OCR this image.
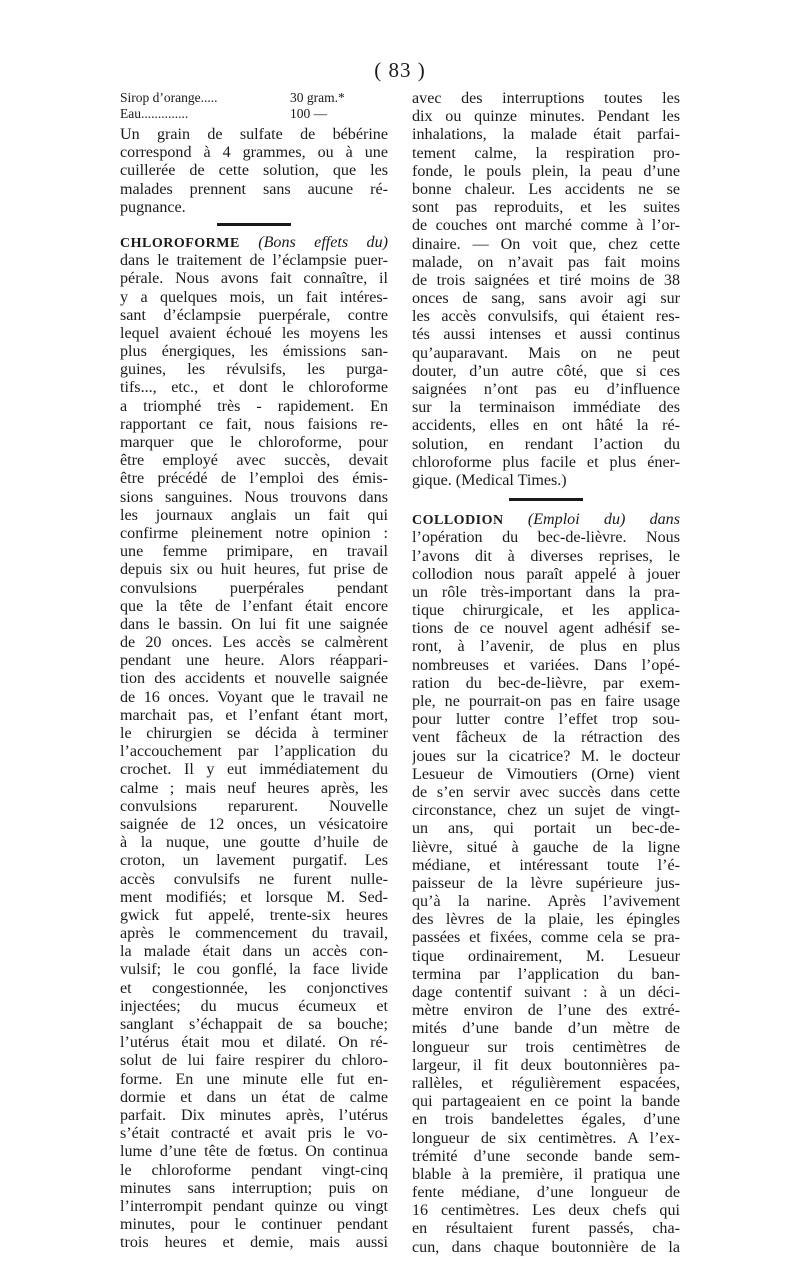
( 83 )
Sirop d’orange.....	30 gram.*
Eau..............	100 —
Un grain de sulfate de bébérine
correspond à 4 grammes, ou à une
cuillerée de cette solution, que les
malades prennent sans aucune ré-
pugnance.
CHLOROFORME (Bons effets du)
dans le traitement de l’éclampsie puer-
pérale. Nous avons fait connaître, il
y a quelques mois, un fait intéres-
sant d’éclampsie puerpérale, contre
lequel avaient échoué les moyens les
plus énergiques, les émissions san-
guines, les révulsifs, les purga-
tifs..., etc., et dont le chloroforme
a triomphé très - rapidement. En
rapportant ce fait, nous faisions re-
marquer que le chloroforme, pour
être employé avec succès, devait
être précédé de l’emploi des émis-
sions sanguines. Nous trouvons dans
les journaux anglais un fait qui
confirme pleinement notre opinion :
une femme primipare, en travail
depuis six ou huit heures, fut prise de
convulsions puerpérales pendant
que la tête de l’enfant était encore
dans le bassin. On lui fit une saignée
de 20 onces. Les accès se calmèrent
pendant une heure. Alors réappari-
tion des accidents et nouvelle saignée
de 16 onces. Voyant que le travail ne
marchait pas, et l’enfant étant mort,
le chirurgien se décida à terminer
l’accouchement par l’application du
crochet. Il y eut immédiatement du
calme ; mais neuf heures après, les
convulsions reparurent. Nouvelle
saignée de 12 onces, un vésicatoire
à la nuque, une goutte d’huile de
croton, un lavement purgatif. Les
accès convulsifs ne furent nulle-
ment modifiés; et lorsque M. Sed-
gwick fut appelé, trente-six heures
après le commencement du travail,
la malade était dans un accès con-
vulsif; le cou gonflé, la face livide
et congestionnée, les conjonctives
injectées; du mucus écumeux et
sanglant s’échappait de sa bouche;
l’utérus était mou et dilaté. On ré-
solut de lui faire respirer du chloro-
forme. En une minute elle fut en-
dormie et dans un état de calme
parfait. Dix minutes après, l’utérus
s’était contracté et avait pris le vo-
lume d’une tête de fœtus. On continua
le chloroforme pendant vingt-cinq
minutes sans interruption; puis on
l’interrompit pendant quinze ou vingt
minutes, pour le continuer pendant
trois heures et demie, mais aussi
avec des interruptions toutes les
dix ou quinze minutes. Pendant les
inhalations, la malade était parfai-
tement calme, la respiration pro-
fonde, le pouls plein, la peau d’une
bonne chaleur. Les accidents ne se
sont pas reproduits, et les suites
de couches ont marché comme à l’or-
dinaire. — On voit que, chez cette
malade, on n’avait pas fait moins
de trois saignées et tiré moins de 38
onces de sang, sans avoir agi sur
les accès convulsifs, qui étaient res-
tés aussi intenses et aussi continus
qu’auparavant. Mais on ne peut
douter, d’un autre côté, que si ces
saignées n’ont pas eu d’influence
sur la terminaison immédiate des
accidents, elles en ont hâté la ré-
solution, en rendant l’action du
chloroforme plus facile et plus éner-
gique. (Medical Times.)
COLLODION (Emploi du) dans
l’opération du bec-de-lièvre. Nous
l’avons dit à diverses reprises, le
collodion nous paraît appelé à jouer
un rôle très-important dans la pra-
tique chirurgicale, et les applica-
tions de ce nouvel agent adhésif se-
ront, à l’avenir, de plus en plus
nombreuses et variées. Dans l’opé-
ration du bec-de-lièvre, par exem-
ple, ne pourrait-on pas en faire usage
pour lutter contre l’effet trop sou-
vent fâcheux de la rétraction des
joues sur la cicatrice? M. le docteur
Lesueur de Vimoutiers (Orne) vient
de s’en servir avec succès dans cette
circonstance, chez un sujet de vingt-
un ans, qui portait un bec-de-
lièvre, situé à gauche de la ligne
médiane, et intéressant toute l’é-
paisseur de la lèvre supérieure jus-
qu’à la narine. Après l’avivement
des lèvres de la plaie, les épingles
passées et fixées, comme cela se pra-
tique ordinairement, M. Lesueur
termina par l’application du ban-
dage contentif suivant : à un déci-
mètre environ de l’une des extré-
mités d’une bande d’un mètre de
longueur sur trois centimètres de
largeur, il fit deux boutonnières pa-
rallèles, et régulièrement espacées,
qui partageaient en ce point la bande
en trois bandelettes égales, d’une
longueur de six centimètres. A l’ex-
trémité d’une seconde bande sem-
blable à la première, il pratiqua une
fente médiane, d’une longueur de
16 centimètres. Les deux chefs qui
en résultaient furent passés, cha-
cun, dans chaque boutonnière de la
